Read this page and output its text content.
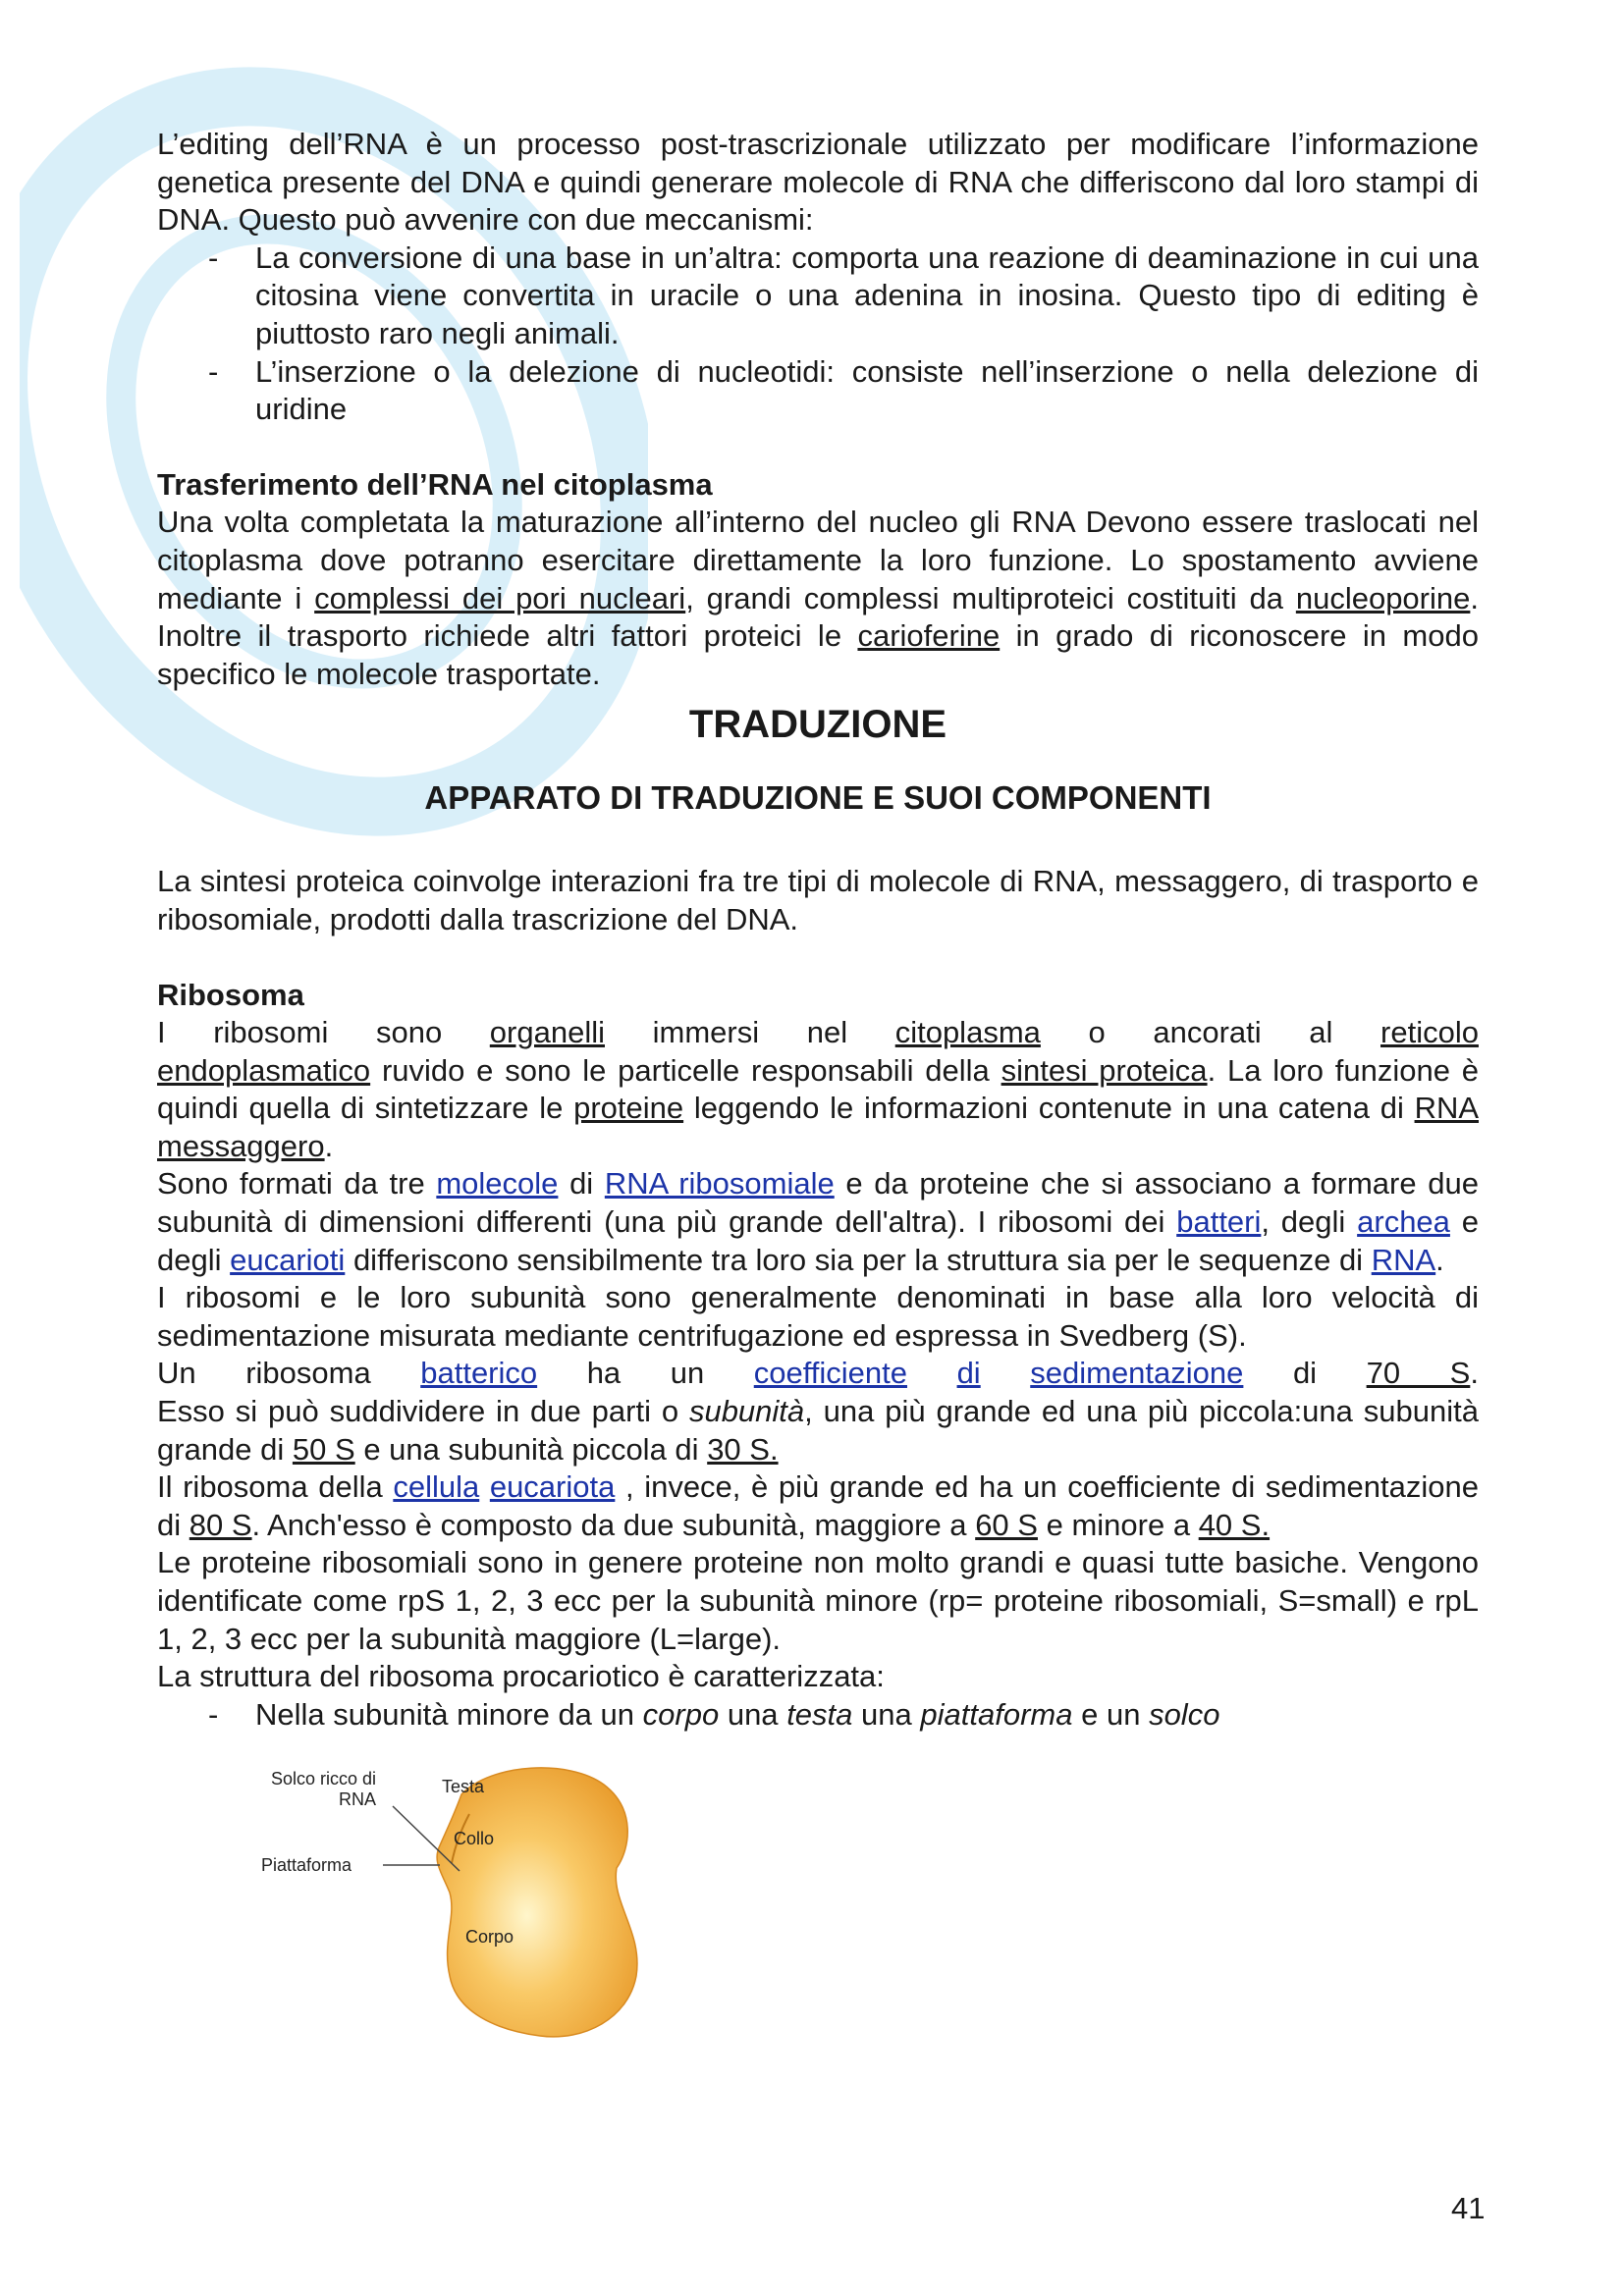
L’editing dell’RNA è un processo post-trascrizionale utilizzato per modificare l’informazione genetica presente del DNA e quindi generare molecole di RNA che differiscono dal loro stampi di DNA. Questo può avvenire con due meccanismi:

- La conversione di una base in un’altra: comporta una reazione di deaminazione in cui una citosina viene convertita in uracile o una adenina in inosina. Questo tipo di editing è piuttosto raro negli animali.
- L’inserzione o la delezione di nucleotidi: consiste nell’inserzione o nella delezione di uridine

Trasferimento dell’RNA nel citoplasma

Una volta completata la maturazione all’interno del nucleo gli RNA Devono essere traslocati nel citoplasma dove potranno esercitare direttamente la loro funzione. Lo spostamento avviene mediante i complessi dei pori nucleari, grandi complessi multiproteici costituiti da nucleoporine. Inoltre il trasporto richiede altri fattori proteici le carioferine in grado di riconoscere in modo specifico le molecole trasportate.

TRADUZIONE

APPARATO DI TRADUZIONE E SUOI COMPONENTI

La sintesi proteica coinvolge interazioni fra tre tipi di molecole di RNA, messaggero, di trasporto e ribosomiale, prodotti dalla trascrizione del DNA.

Ribosoma

I ribosomi sono organelli immersi nel citoplasma o ancorati al reticolo

endoplasmatico ruvido e sono le particelle responsabili della sintesi proteica. La loro funzione è quindi quella di sintetizzare le proteine leggendo le informazioni contenute in una catena di RNA messaggero.

Sono formati da tre molecole di RNA ribosomiale e da proteine che si associano a formare due subunità di dimensioni differenti (una più grande dell'altra). I ribosomi dei batteri, degli archea e degli eucarioti differiscono sensibilmente tra loro sia per la struttura sia per le sequenze di RNA.

I ribosomi e le loro subunità sono generalmente denominati in base alla loro velocità di sedimentazione misurata mediante centrifugazione ed espressa in Svedberg (S).

Un ribosoma batterico ha un coefficiente di sedimentazione di 70 S.

Esso si può suddividere in due parti o subunità, una più grande ed una più piccola:una subunità grande di 50 S e una subunità piccola di 30 S.

Il ribosoma della cellula eucariota , invece, è più grande ed ha un coefficiente di sedimentazione di 80 S. Anch'esso è composto da due subunità, maggiore a 60 S e minore a 40 S.

Le proteine ribosomiali sono in genere proteine non molto grandi e quasi tutte basiche. Vengono identificate come rpS 1, 2, 3 ecc per la subunità minore (rp= proteine ribosomiali, S=small) e rpL 1, 2, 3 ecc per la subunità maggiore (L=large).

La struttura del ribosoma procariotico è caratterizzata:

- Nella subunità minore da un corpo una testa una piattaforma e un solco
Solco ricco di RNA
Testa
Collo
Piattaforma
Corpo
41
